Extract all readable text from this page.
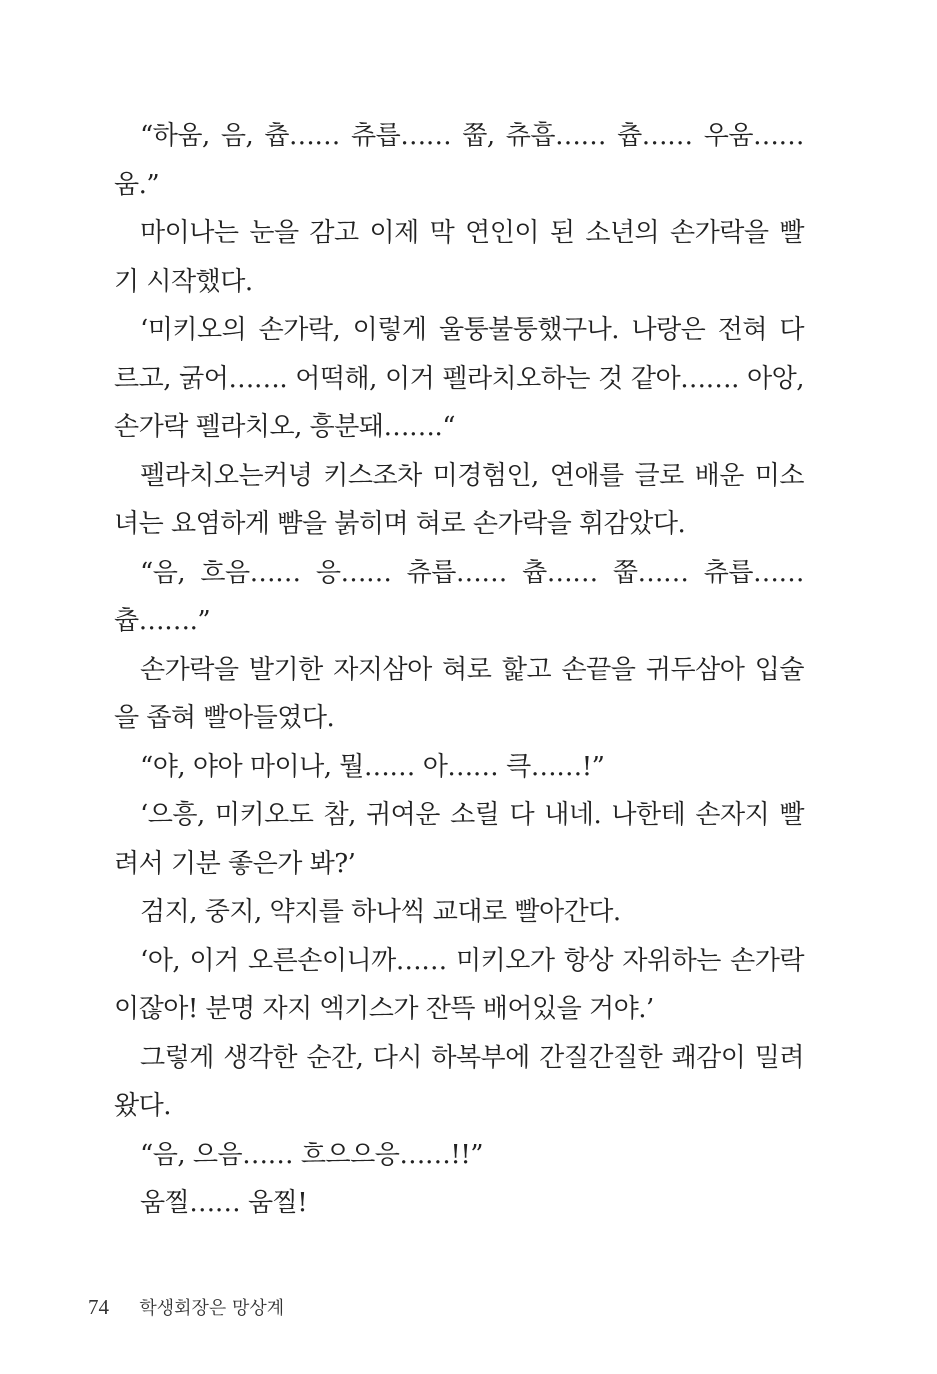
“하움, 음, 츕…… 츄릅…… 쭙, 츄흡…… 츕…… 우움……
움.”
마이나는 눈을 감고 이제 막 연인이 된 소년의 손가락을 빨
기 시작했다.
‘미키오의 손가락, 이렇게 울퉁불퉁했구나. 나랑은 전혀 다
르고, 굵어……. 어떡해, 이거 펠라치오하는 것 같아……. 아앙,
손가락 펠라치오, 흥분돼…….“
펠라치오는커녕 키스조차 미경험인, 연애를 글로 배운 미소
녀는 요염하게 뺨을 붉히며 혀로 손가락을 휘감았다.
“음, 흐음…… 응…… 츄릅…… 츕…… 쭙…… 츄릅……
츕…….”
손가락을 발기한 자지삼아 혀로 핥고 손끝을 귀두삼아 입술
을 좁혀 빨아들였다.
“야, 야아 마이나, 뭘…… 아…… 큭……!”
‘으흥, 미키오도 참, 귀여운 소릴 다 내네. 나한테 손자지 빨
려서 기분 좋은가 봐?’
검지, 중지, 약지를 하나씩 교대로 빨아간다.
‘아, 이거 오른손이니까…… 미키오가 항상 자위하는 손가락
이잖아! 분명 자지 엑기스가 잔뜩 배어있을 거야.’
그렇게 생각한 순간, 다시 하복부에 간질간질한 쾌감이 밀려
왔다.
“음, 으음…… 흐으으응……!!”
움찔…… 움찔!
74 학생회장은 망상계
